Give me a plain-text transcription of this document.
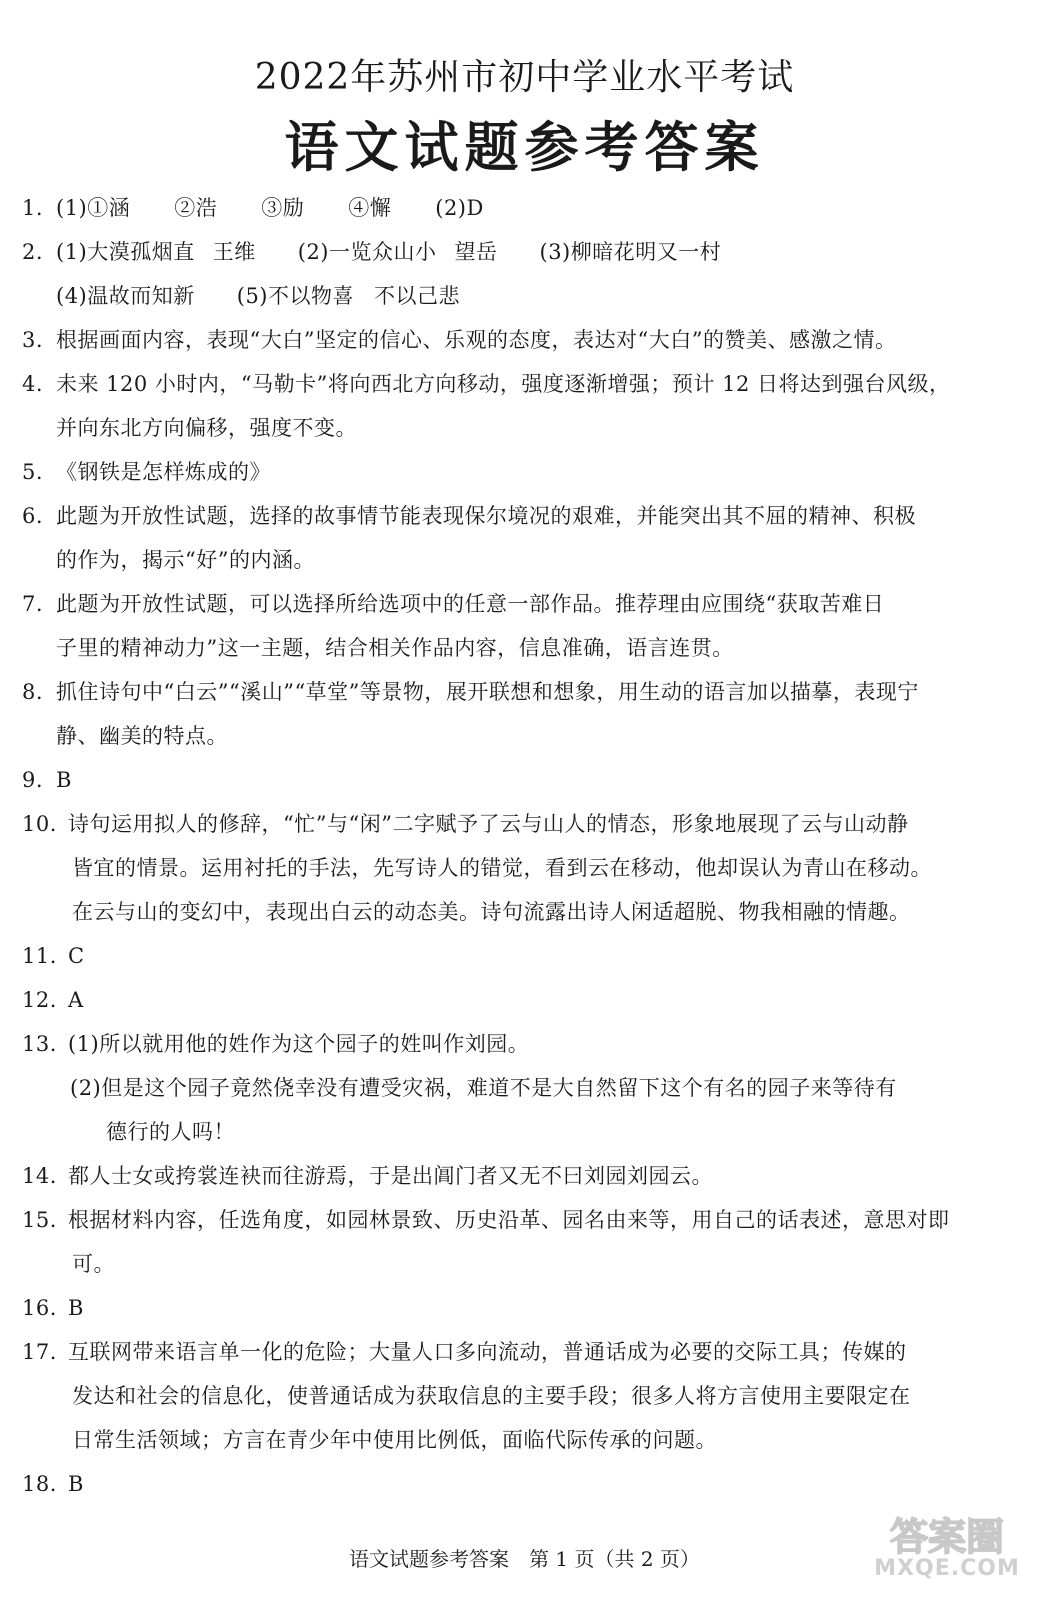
2022年苏州市初中学业水平考试
语文试题参考答案
1. (1)①涵 ②浩 ③励 ④懈 (2)D
2. (1)大漠孤烟直 王维 (2)一览众山小 望岳 (3)柳暗花明又一村
(4)温故而知新 (5)不以物喜 不以己悲
3. 根据画面内容，表现“大白”坚定的信心、乐观的态度，表达对“大白”的赞美、感激之情。
4. 未来 120 小时内，“马勒卡”将向西北方向移动，强度逐渐增强；预计 12 日将达到强台风级，
并向东北方向偏移，强度不变。
5. 《钢铁是怎样炼成的》
6. 此题为开放性试题，选择的故事情节能表现保尔境况的艰难，并能突出其不屈的精神、积极
的作为，揭示“好”的内涵。
7. 此题为开放性试题，可以选择所给选项中的任意一部作品。推荐理由应围绕“获取苦难日
子里的精神动力”这一主题，结合相关作品内容，信息准确，语言连贯。
8. 抓住诗句中“白云”“溪山”“草堂”等景物，展开联想和想象，用生动的语言加以描摹，表现宁
静、幽美的特点。
9. B
10. 诗句运用拟人的修辞，“忙”与“闲”二字赋予了云与山人的情态，形象地展现了云与山动静
皆宜的情景。运用衬托的手法，先写诗人的错觉，看到云在移动，他却误认为青山在移动。
在云与山的变幻中，表现出白云的动态美。诗句流露出诗人闲适超脱、物我相融的情趣。
11. C
12. A
13. (1)所以就用他的姓作为这个园子的姓叫作刘园。
(2)但是这个园子竟然侥幸没有遭受灾祸，难道不是大自然留下这个有名的园子来等待有
德行的人吗！
14. 都人士女或挎裳连袂而往游焉，于是出阊门者又无不曰刘园刘园云。
15. 根据材料内容，任选角度，如园林景致、历史沿革、园名由来等，用自己的话表述，意思对即
可。
16. B
17. 互联网带来语言单一化的危险；大量人口多向流动，普通话成为必要的交际工具；传媒的
发达和社会的信息化，使普通话成为获取信息的主要手段；很多人将方言使用主要限定在
日常生活领域；方言在青少年中使用比例低，面临代际传承的问题。
18. B
语文试题参考答案　第 1 页（共 2 页）	答案圈
MXQE.COM
